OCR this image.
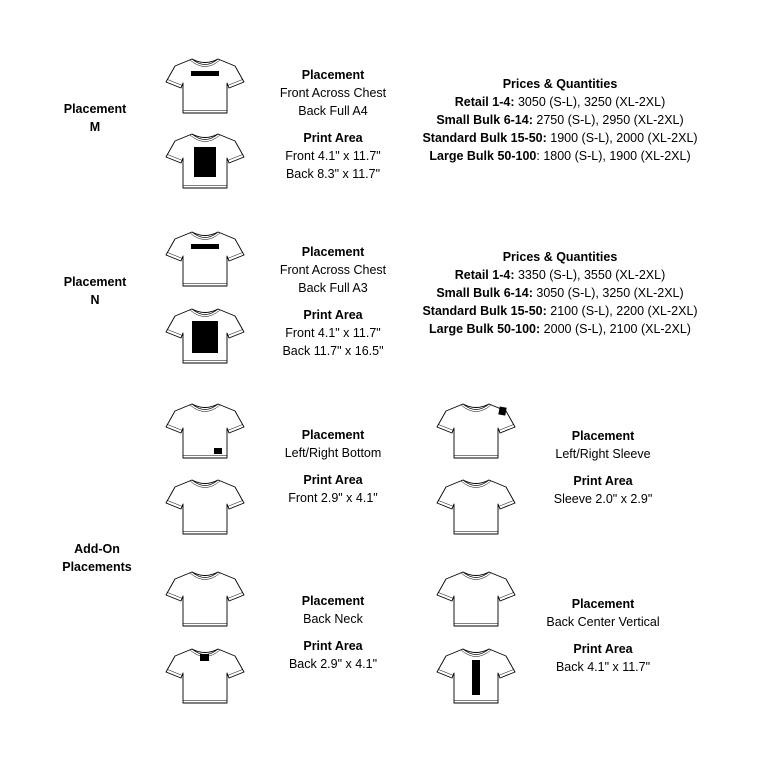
Placement
M
Placement
Front Across Chest
Back Full A4
Print Area
Front 4.1" x 11.7"
Back 8.3" x 11.7"
Prices & Quantities
Retail 1-4: 3050 (S-L), 3250 (XL-2XL)
Small Bulk 6-14: 2750 (S-L), 2950 (XL-2XL)
Standard Bulk 15-50: 1900 (S-L), 2000 (XL-2XL)
Large Bulk 50-100: 1800 (S-L), 1900 (XL-2XL)
Placement
N
Placement
Front Across Chest
Back Full A3
Print Area
Front 4.1" x 11.7"
Back 11.7" x 16.5"
Prices & Quantities
Retail 1-4: 3350 (S-L), 3550 (XL-2XL)
Small Bulk 6-14: 3050 (S-L), 3250 (XL-2XL)
Standard Bulk 15-50: 2100 (S-L), 2200 (XL-2XL)
Large Bulk 50-100: 2000 (S-L), 2100 (XL-2XL)
Add-On
Placements
Placement
Left/Right Bottom
Print Area
Front 2.9" x 4.1"
Placement
Left/Right Sleeve
Print Area
Sleeve 2.0" x 2.9"
Placement
Back Neck
Print Area
Back 2.9" x 4.1"
Placement
Back Center Vertical
Print Area
Back 4.1" x 11.7"
